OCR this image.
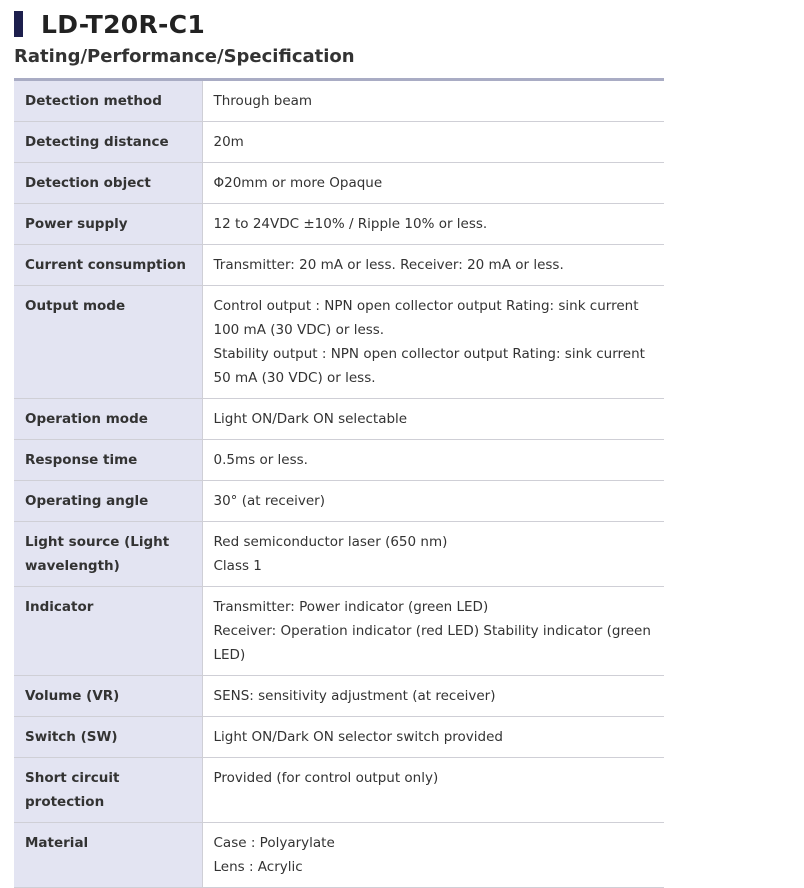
LD-T20R-C1
Rating/Performance/Specification
Detection method	Through beam

Detecting distance	20m

Detection object	Φ20mm or more Opaque

Power supply	12 to 24VDC ±10% / Ripple 10% or less.

Current consumption	Transmitter: 20 mA or less. Receiver: 20 mA or less.

Output mode	Control output : NPN open collector output Rating: sink current 100 mA (30 VDC) or less.
Stability output : NPN open collector output Rating: sink current 50 mA (30 VDC) or less.

Operation mode	Light ON/Dark ON selectable

Response time	0.5ms or less.

Operating angle	30° (at receiver)

Light source (Light wavelength)	Red semiconductor laser (650 nm)
Class 1

Indicator	Transmitter: Power indicator (green LED)
Receiver: Operation indicator (red LED) Stability indicator (green LED)

Volume (VR)	SENS: sensitivity adjustment (at receiver)

Switch (SW)	Light ON/Dark ON selector switch provided

Short circuit protection	Provided (for control output only)

Material	Case : Polyarylate
Lens : Acrylic
